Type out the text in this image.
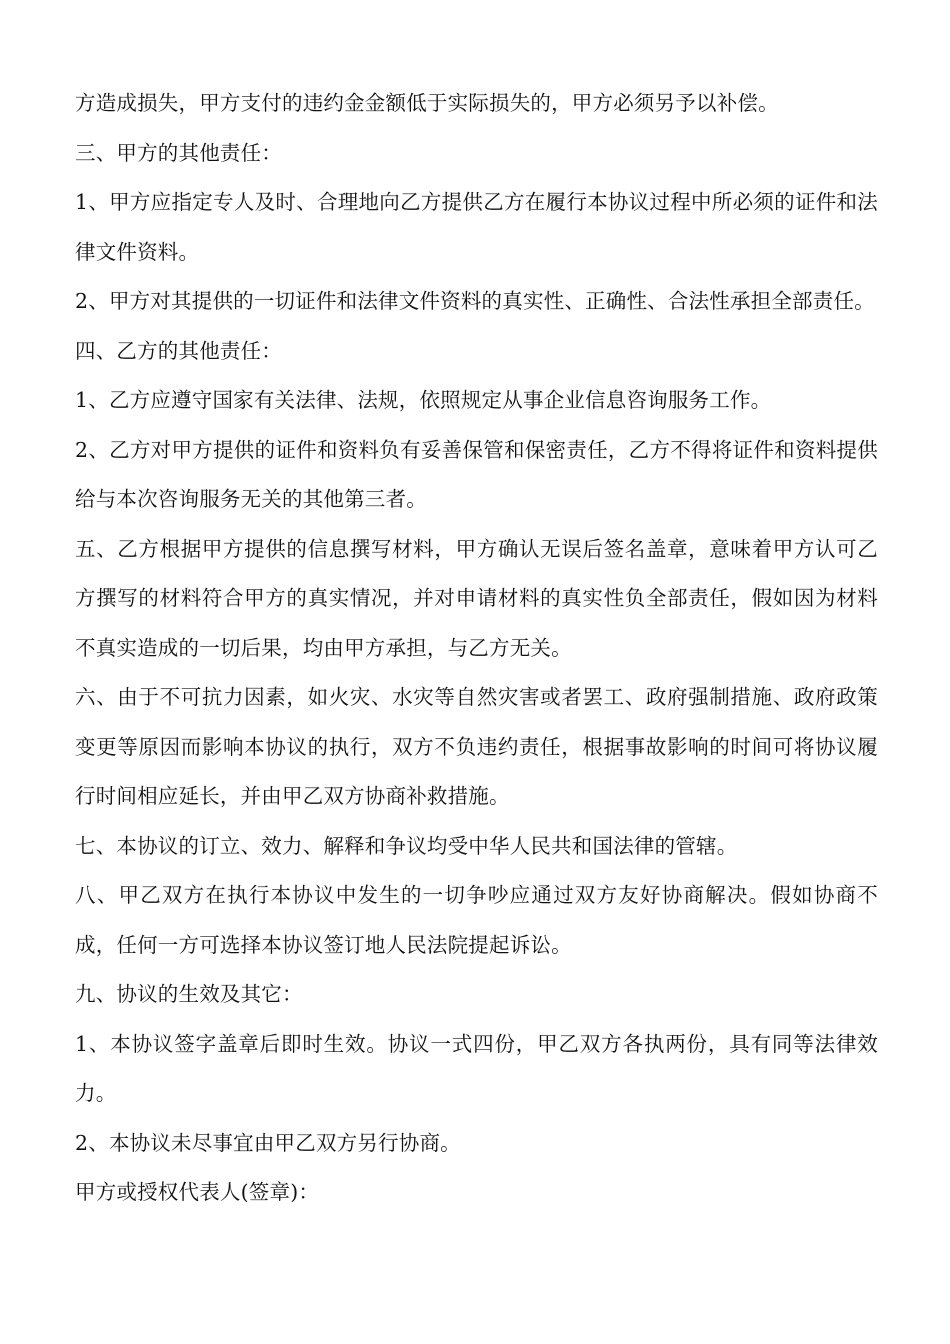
方造成损失，甲方支付的违约金金额低于实际损失的，甲方必须另予以补偿。

三、甲方的其他责任：

1、甲方应指定专人及时、合理地向乙方提供乙方在履行本协议过程中所必须的证件和法律文件资料。

2、甲方对其提供的一切证件和法律文件资料的真实性、正确性、合法性承担全部责任。

四、乙方的其他责任：

1、乙方应遵守国家有关法律、法规，依照规定从事企业信息咨询服务工作。

2、乙方对甲方提供的证件和资料负有妥善保管和保密责任，乙方不得将证件和资料提供给与本次咨询服务无关的其他第三者。

五、乙方根据甲方提供的信息撰写材料，甲方确认无误后签名盖章，意味着甲方认可乙方撰写的材料符合甲方的真实情况，并对申请材料的真实性负全部责任，假如因为材料不真实造成的一切后果，均由甲方承担，与乙方无关。

六、由于不可抗力因素，如火灾、水灾等自然灾害或者罢工、政府强制措施、政府政策变更等原因而影响本协议的执行，双方不负违约责任，根据事故影响的时间可将协议履行时间相应延长，并由甲乙双方协商补救措施。

七、本协议的订立、效力、解释和争议均受中华人民共和国法律的管辖。

八、甲乙双方在执行本协议中发生的一切争吵应通过双方友好协商解决。假如协商不成，任何一方可选择本协议签订地人民法院提起诉讼。

九、协议的生效及其它：

1、本协议签字盖章后即时生效。协议一式四份，甲乙双方各执两份，具有同等法律效力。

2、本协议未尽事宜由甲乙双方另行协商。

甲方或授权代表人(签章)：
